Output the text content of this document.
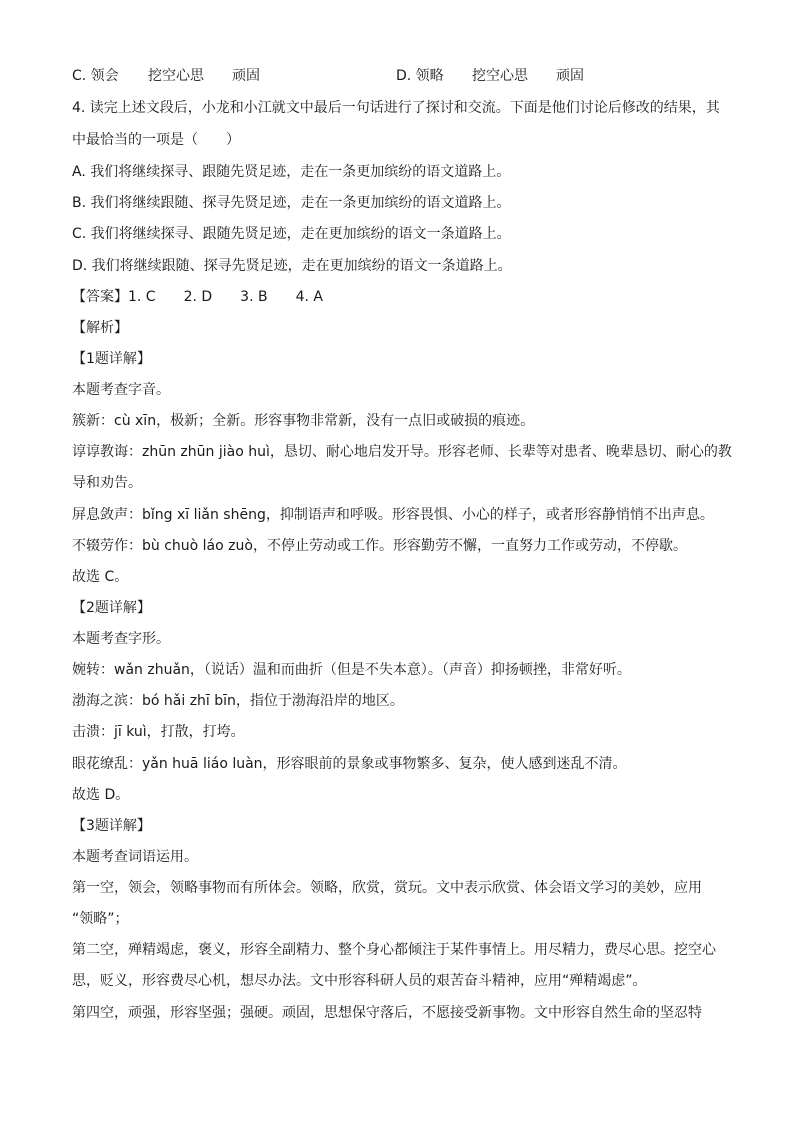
C. 领会 挖空心思 顽固	D. 领略 挖空心思 顽固
4. 读完上述文段后，小龙和小江就文中最后一句话进行了探讨和交流。下面是他们讨论后修改的结果，其
中最恰当的一项是（　　）
A. 我们将继续探寻、跟随先贤足迹，走在一条更加缤纷的语文道路上。
B. 我们将继续跟随、探寻先贤足迹，走在一条更加缤纷的语文道路上。
C. 我们将继续探寻、跟随先贤足迹，走在更加缤纷的语文一条道路上。
D. 我们将继续跟随、探寻先贤足迹，走在更加缤纷的语文一条道路上。
【答案】1. C　　2. D　　3. B　　4. A
【解析】
【1题详解】
本题考查字音。
簇新：cù xīn，极新；全新。形容事物非常新，没有一点旧或破损的痕迹。
谆谆教诲：zhūn zhūn jiào huì，恳切、耐心地启发开导。形容老师、长辈等对患者、晚辈恳切、耐心的教
导和劝告。
屏息敛声：bǐng xī liǎn shēng，抑制语声和呼吸。形容畏惧、小心的样子，或者形容静悄悄不出声息。
不辍劳作：bù chuò láo zuò，不停止劳动或工作。形容勤劳不懈，一直努力工作或劳动，不停歇。
故选 C。
【2题详解】
本题考查字形。
婉转：wǎn zhuǎn，（说话）温和而曲折（但是不失本意）。（声音）抑扬顿挫，非常好听。
渤海之滨：bó hǎi zhī bīn，指位于渤海沿岸的地区。
击溃：jī kuì，打散，打垮。
眼花缭乱：yǎn huā liáo luàn，形容眼前的景象或事物繁多、复杂，使人感到迷乱不清。
故选 D。
【3题详解】
本题考查词语运用。
第一空，领会，领略事物而有所体会。领略，欣赏，赏玩。文中表示欣赏、体会语文学习的美妙，应用
“领略”；
第二空，殚精竭虑，褒义，形容全副精力、整个身心都倾注于某件事情上。用尽精力，费尽心思。挖空心
思，贬义，形容费尽心机，想尽办法。文中形容科研人员的艰苦奋斗精神，应用“殚精竭虑”。
第四空，顽强，形容坚强；强硬。顽固，思想保守落后，不愿接受新事物。文中形容自然生命的坚忍特
